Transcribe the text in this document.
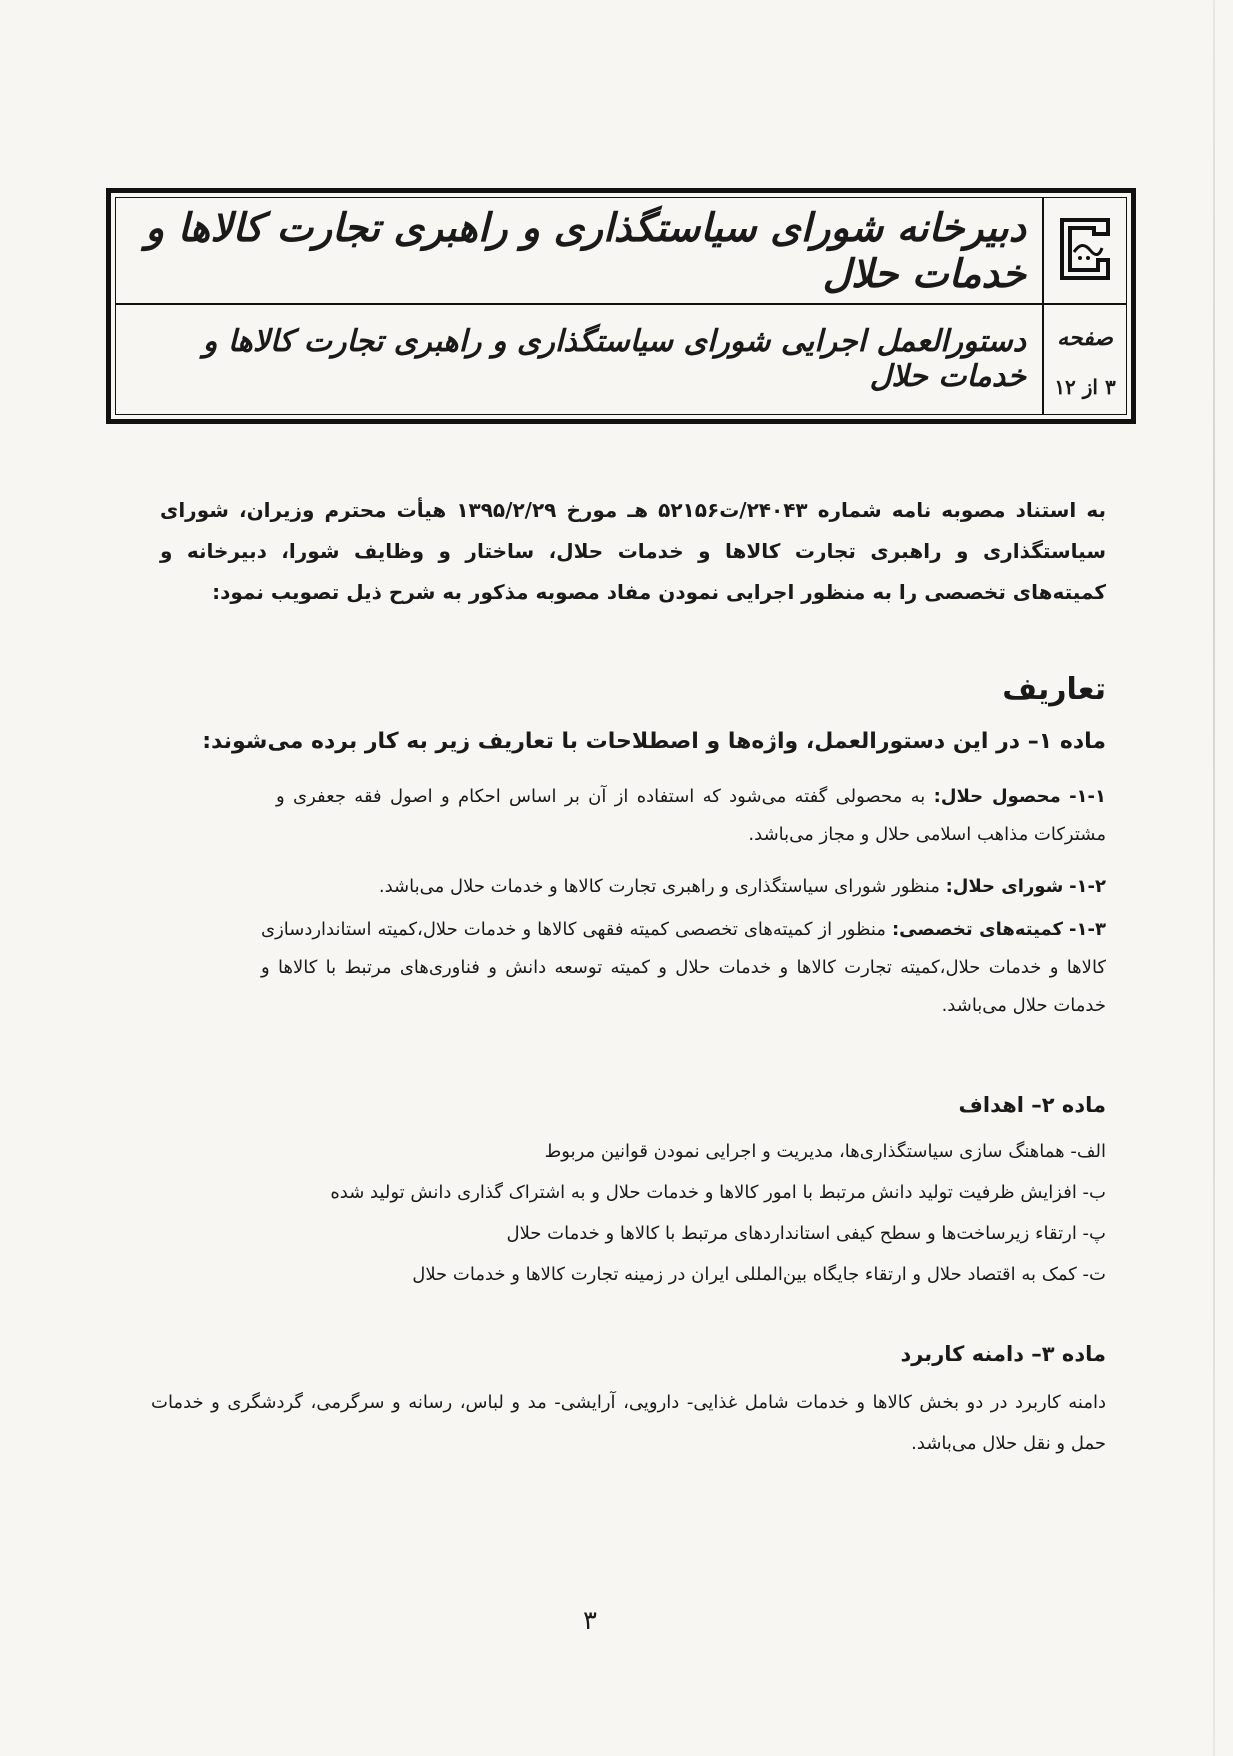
دبیرخانه شورای سیاستگذاری و راهبری تجارت کالاها و خدمات حلال
دستورالعمل اجرایی شورای سیاستگذاری و راهبری تجارت کالاها و خدمات حلال
صفحه
۳ از ۱۲
به استناد مصوبه نامه شماره ۲۴۰۴۳/ت۵۲۱۵۶ هـ مورخ ۱۳۹۵/۲/۲۹ هیأت محترم وزیران، شورای سیاستگذاری و راهبری تجارت کالاها و خدمات حلال، ساختار و وظایف شورا، دبیرخانه و کمیته‌های تخصصی را به منظور اجرایی نمودن مفاد مصوبه مذکور به شرح ذیل تصویب نمود:
تعاریف
ماده ۱– در این دستورالعمل، واژه‌ها و اصطلاحات با تعاریف زیر به کار برده می‌شوند:
۱-۱- محصول حلال: به محصولی گفته می‌شود که استفاده از آن بر اساس احکام و اصول فقه جعفری و مشترکات مذاهب اسلامی حلال و مجاز می‌باشد.
۱-۲- شورای حلال: منظور شورای سیاستگذاری و راهبری تجارت کالاها و خدمات حلال می‌باشد.
۱-۳- کمیته‌های تخصصی: منظور از کمیته‌های تخصصی کمیته فقهی کالاها و خدمات حلال،کمیته استانداردسازی کالاها و خدمات حلال،کمیته تجارت کالاها و خدمات حلال و کمیته توسعه دانش و فناوری‌های مرتبط با کالاها و خدمات حلال می‌باشد.
ماده ۲– اهداف
الف- هماهنگ سازی سیاستگذاری‌ها، مدیریت و اجرایی نمودن قوانین مربوط
ب- افزایش ظرفیت تولید دانش مرتبط با امور کالاها و خدمات حلال و به اشتراک گذاری دانش تولید شده
پ- ارتقاء زیرساخت‌ها و سطح کیفی استانداردهای مرتبط با کالاها و خدمات حلال
ت- کمک به اقتصاد حلال و ارتقاء جایگاه بین‌المللی ایران در زمینه تجارت کالاها و خدمات حلال
ماده ۳– دامنه کاربرد
دامنه کاربرد در دو بخش کالاها و خدمات شامل غذایی- دارویی، آرایشی- مد و لباس، رسانه و سرگرمی، گردشگری و خدمات حمل و نقل حلال می‌باشد.
۳
